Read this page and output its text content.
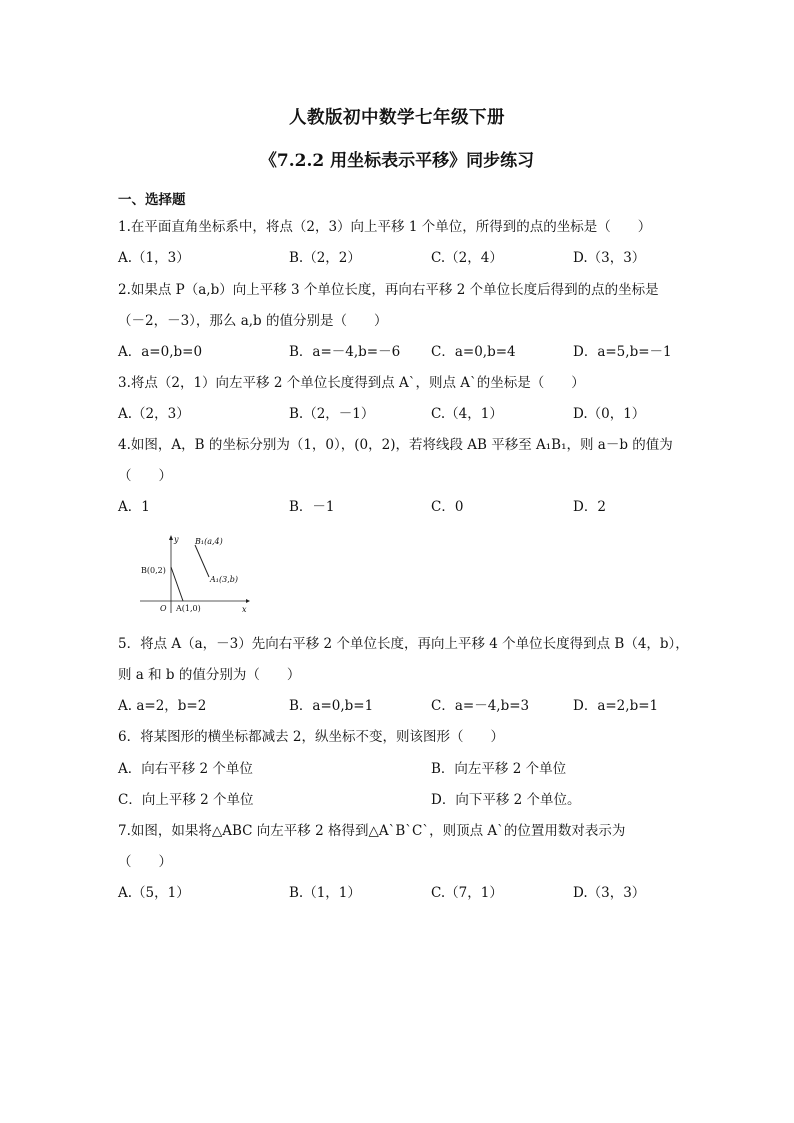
人教版初中数学七年级下册
《7.2.2 用坐标表示平移》同步练习
一、选择题
1.在平面直角坐标系中，将点（2，3）向上平移 1 个单位，所得到的点的坐标是（　　）
A.（1，3）	B.（2，2）	C.（2，4）	D.（3，3）
2.如果点 P（a,b）向上平移 3 个单位长度，再向右平移 2 个单位长度后得到的点的坐标是
（－2，－3），那么 a,b 的值分别是（　　）
A．a=0,b=0	B．a=－4,b=－6 C．a=0,b=4	D．a=5,b=－1
3.将点（2，1）向左平移 2 个单位长度得到点 A`，则点 A`的坐标是（　　）
A.（2，3）	B.（2，－1）	C.（4，1）	D.（0，1）
4.如图，A，B 的坐标分别为（1，0），(0，2)，若将线段 AB 平移至 A₁B₁，则 a－b 的值为
（　　）
A．1	B．－1	C．0	D．2
y
x
O A(1,0)
B(0,2)
A₁(3,b)
B₁(a,4)
5．将点 A（a，－3）先向右平移 2 个单位长度，再向上平移 4 个单位长度得到点 B（4，b），
则 a 和 b 的值分别为（　　）
A. a=2，b=2	B．a=0,b=1	C．a=－4,b=3	D．a=2,b=1
6．将某图形的横坐标都减去 2，纵坐标不变，则该图形（　　）
A．向右平移 2 个单位	B．向左平移 2 个单位
C．向上平移 2 个单位	D．向下平移 2 个单位。
7.如图，如果将△ABC 向左平移 2 格得到△A`B`C`，则顶点 A`的位置用数对表示为
（　　）
A.（5，1）	B.（1，1）	C.（7，1）	D.（3，3）
